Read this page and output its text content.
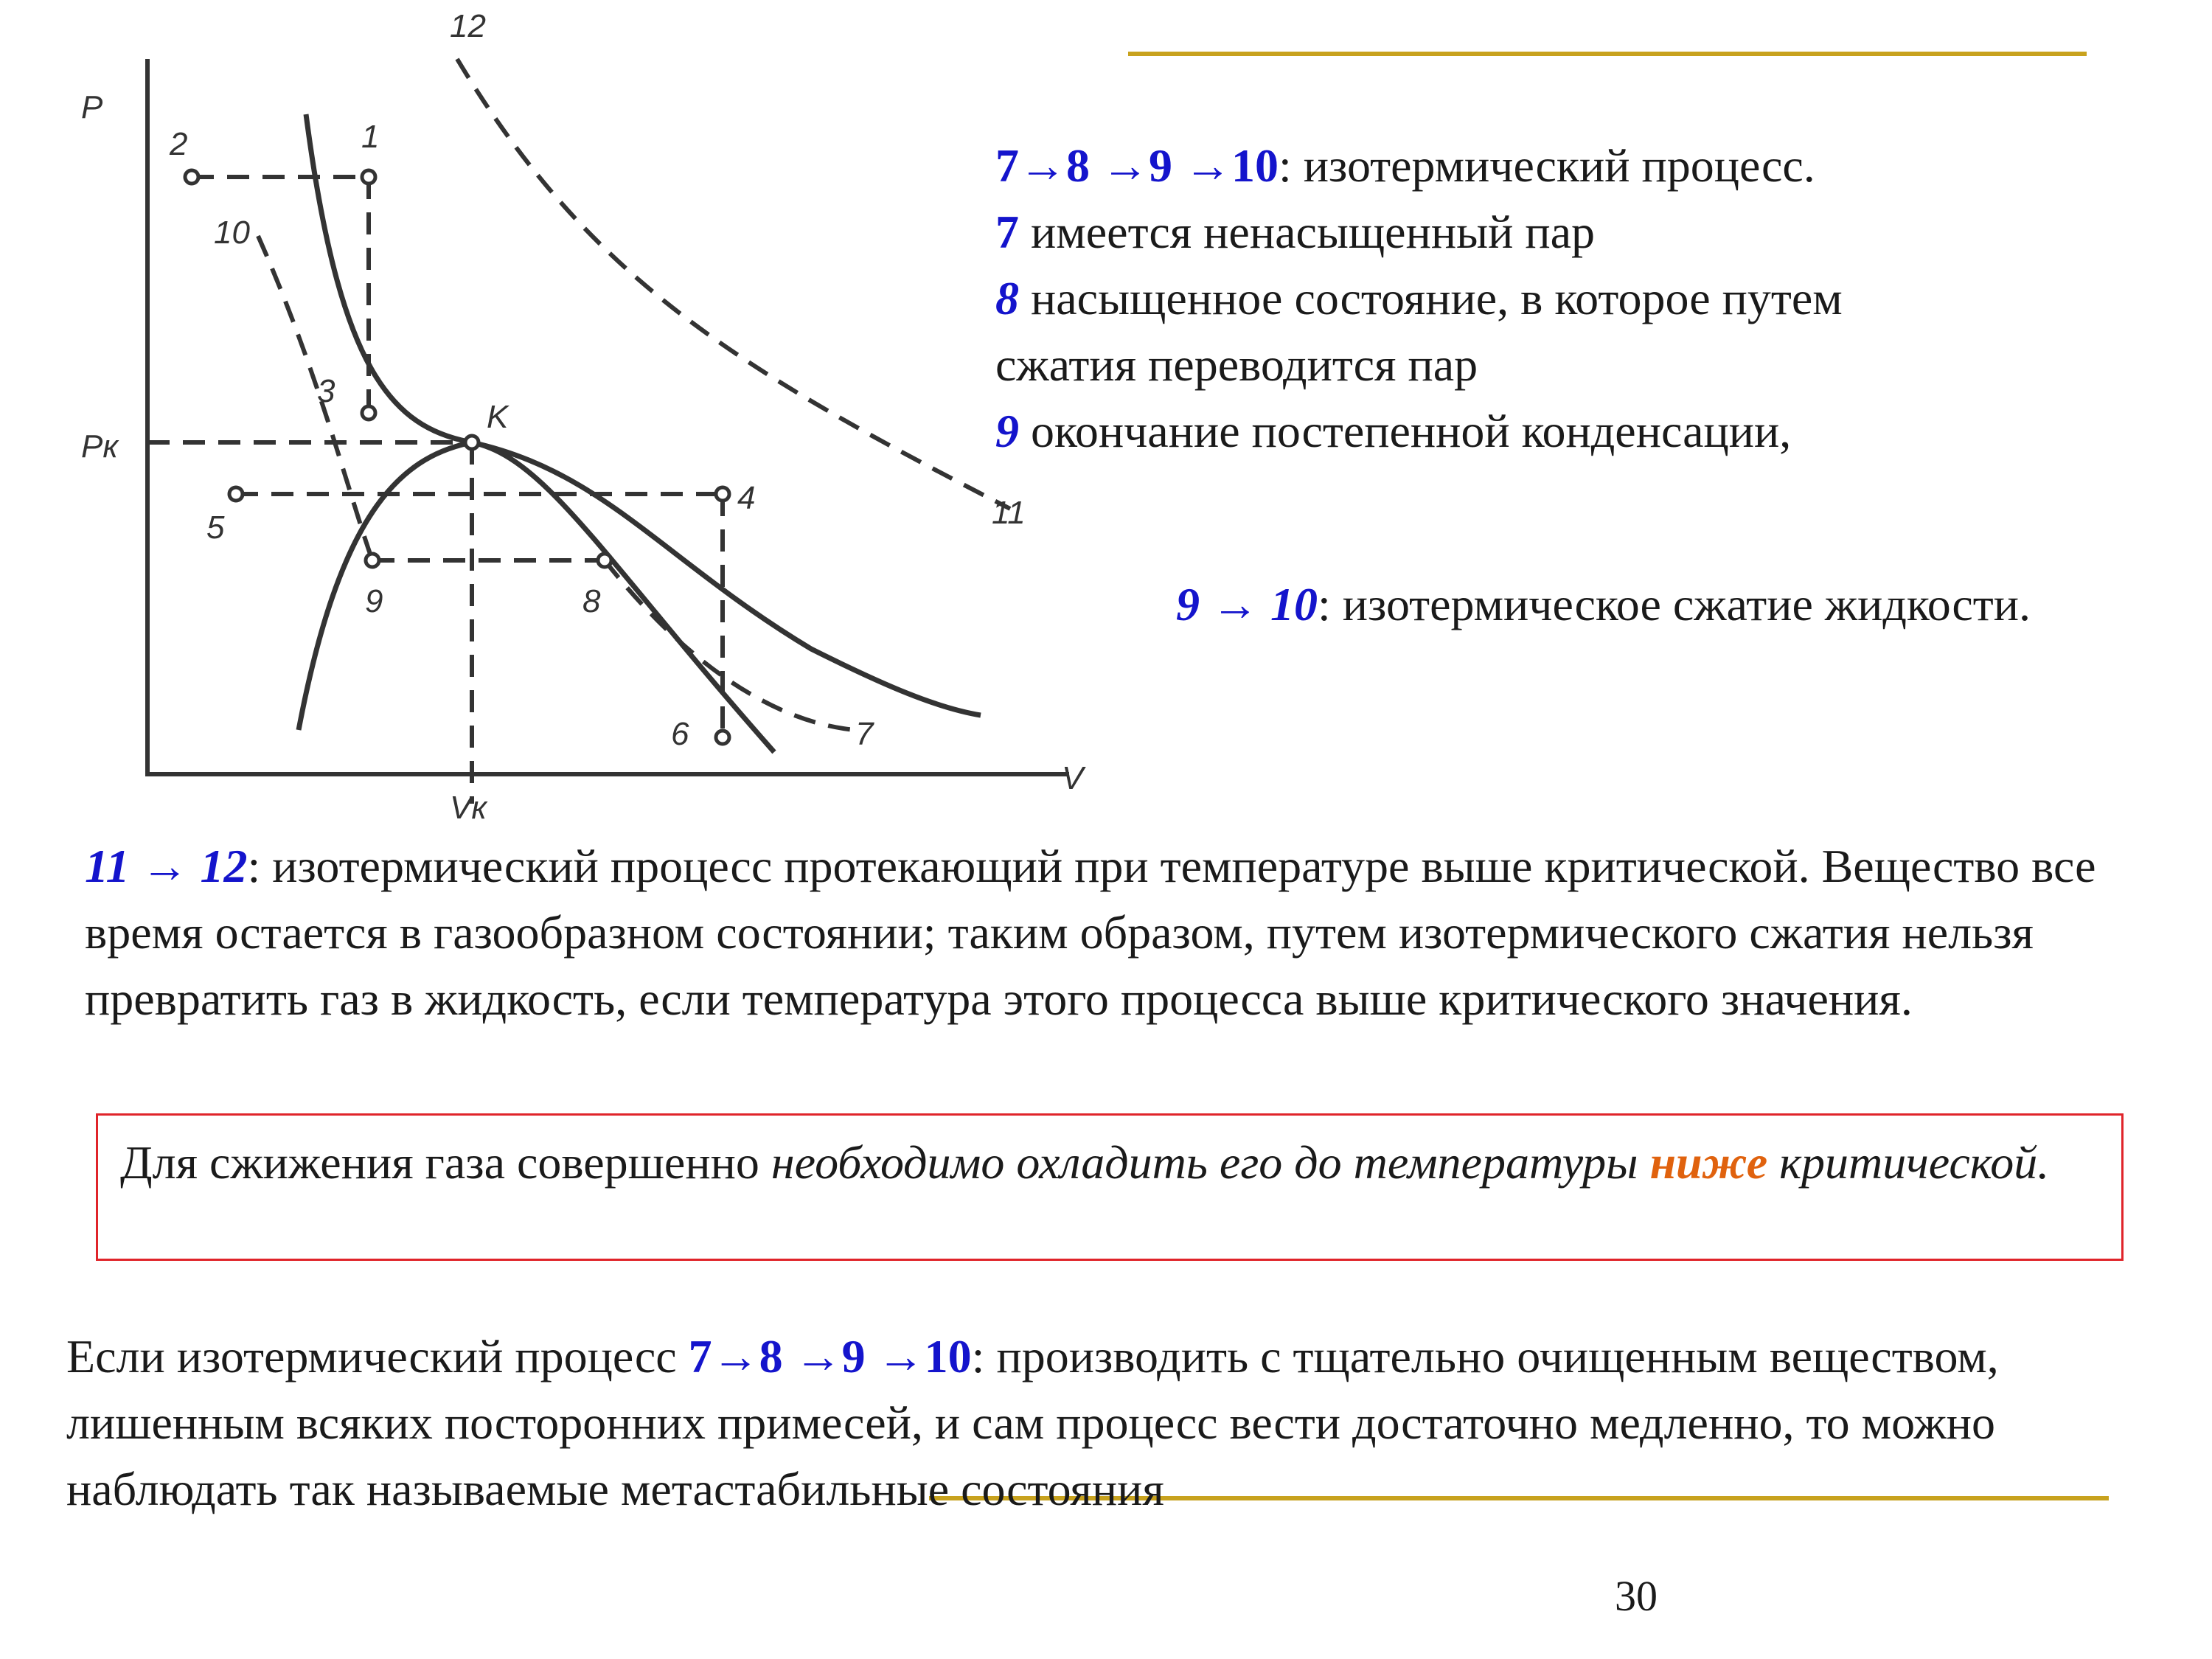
12
2	1
10
3
K
5
4	11
9	8
6	7
P
Pк
V
Vк
7→8 →9 →10: изотермический процесс.
7 имеется ненасыщенный пар
8 насыщенное состояние, в которое путем
сжатия переводится пар
9 окончание постепенной конденсации,
9 → 10: изотермическое сжатие жидкости.
11 → 12: изотермический процесс протекающий при температуре выше критической. Вещество все время остается в газообразном состоянии; таким образом, путем изотермического сжатия нельзя превратить газ в жидкость, если температура этого процесса выше критического значения.
Для сжижения газа совершенно необходимо охладить его до температуры ниже критической.
Если изотермический процесс 7→8 →9 →10: производить с тщательно очищенным веществом, лишенным всяких посторонних примесей, и сам процесс вести достаточно медленно, то можно наблюдать так называемые метастабильные состояния
30
